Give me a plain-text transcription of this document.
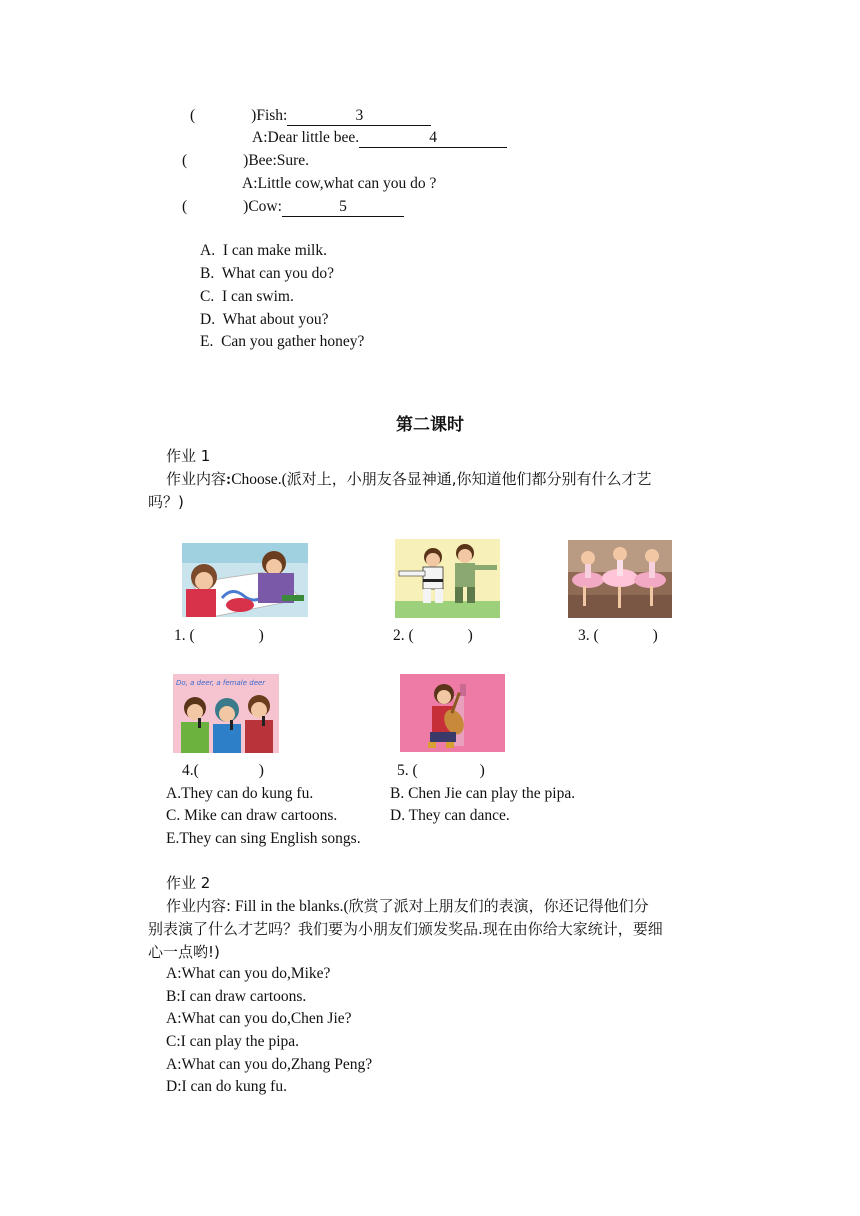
(	)Fish:	3
A:Dear little bee.	4
(	)Bee:Sure.
A:Little cow,what can you do ?
(	)Cow:	5
A. I can make milk.
B. What can you do?
C. I can swim.
D. What about you?
E. Can you gather honey?
第二课时
作业 1
作业内容:Choose.(派对上，小朋友各显神通,你知道他们都分别有什么才艺
吗？)
1. (	)	2. (	)	3. (	)
Do, a deer, a female deer
4.(	)	5. (	)
A.They can do kung fu.	B. Chen Jie can play the pipa.
C. Mike can draw cartoons.	D. They can dance.
E.They can sing English songs.
作业 2
作业内容: Fill in the blanks.(欣赏了派对上朋友们的表演，你还记得他们分
别表演了什么才艺吗？我们要为小朋友们颁发奖品.现在由你给大家统计，要细
心一点哟!)
A:What can you do,Mike?
B:I can draw cartoons.
A:What can you do,Chen Jie?
C:I can play the pipa.
A:What can you do,Zhang Peng?
D:I can do kung fu.
